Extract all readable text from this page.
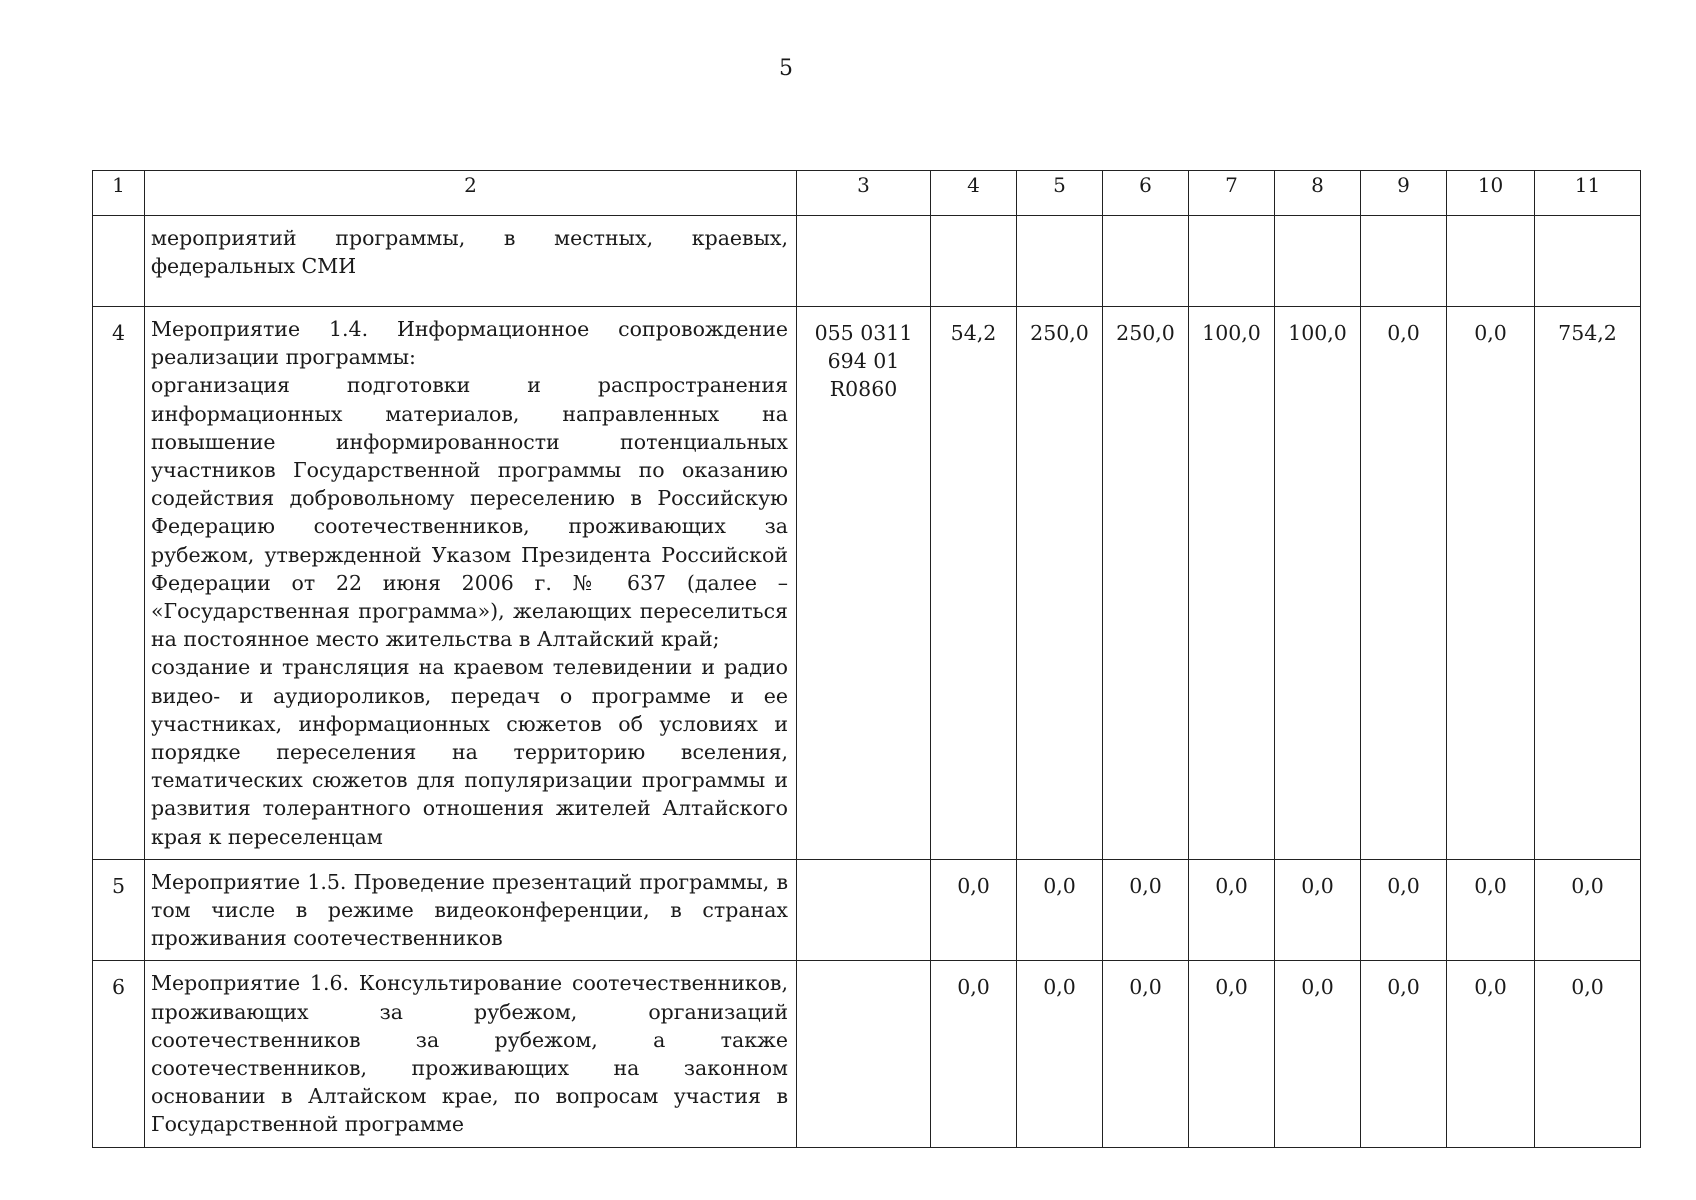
5
1	2	3	4	5	6	7	8	9	10	11

	мероприятий программы, в местных, краевых, федеральных СМИ									

4	Мероприятие 1.4. Информационное сопровождение реализации программы:
организация подготовки и распространения информационных материалов, направленных на повышение информированности потенциальных участников Государственной программы по оказанию содействия добровольному переселению в Российскую Федерацию соотечественников, проживающих за рубежом, утвержденной Указом Президента Российской Федерации от 22 июня 2006 г. № 637 (далее – «Государственная программа»), желающих переселиться на постоянное место жительства в Алтайский край;
создание и трансляция на краевом телевидении и радио видео- и аудиороликов, передач о программе и ее участниках, информационных сюжетов об условиях и порядке переселения на территорию вселения, тематических сюжетов для популяризации программы и развития толерантного отношения жителей Алтайского края к переселенцам	055 0311 694 01 R0860	54,2	250,0	250,0	100,0	100,0	0,0	0,0	754,2
5	Мероприятие 1.5. Проведение презентаций программы, в том числе в режиме видеоконференции, в странах проживания соотечественников		0,0	0,0	0,0	0,0	0,0	0,0	0,0	0,0
6	Мероприятие 1.6. Консультирование соотечественников, проживающих за рубежом, организаций соотечественников за рубежом, а также соотечественников, проживающих на законном основании в Алтайском крае, по вопросам участия в Государственной программе		0,0	0,0	0,0	0,0	0,0	0,0	0,0	0,0
